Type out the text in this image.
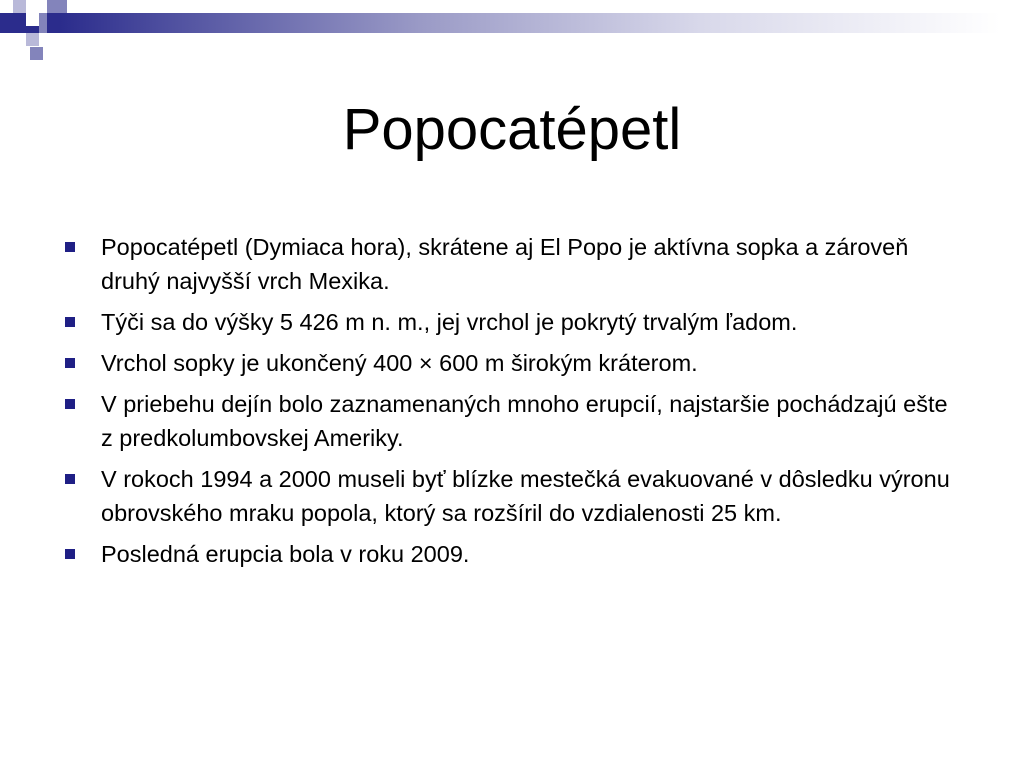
Popocatépetl
Popocatépetl (Dymiaca hora), skrátene aj El Popo je aktívna sopka a zároveň druhý najvyšší vrch Mexika.
Týči sa do výšky 5 426 m n. m., jej vrchol je pokrytý trvalým ľadom.
Vrchol sopky je ukončený 400 × 600 m širokým kráterom.
V priebehu dejín bolo zaznamenaných mnoho erupcií, najstaršie pochádzajú ešte z predkolumbovskej Ameriky.
V rokoch 1994 a 2000 museli byť blízke mestečká evakuované v dôsledku výronu obrovského mraku popola, ktorý sa rozšíril do vzdialenosti 25 km.
Posledná erupcia bola v roku 2009.
